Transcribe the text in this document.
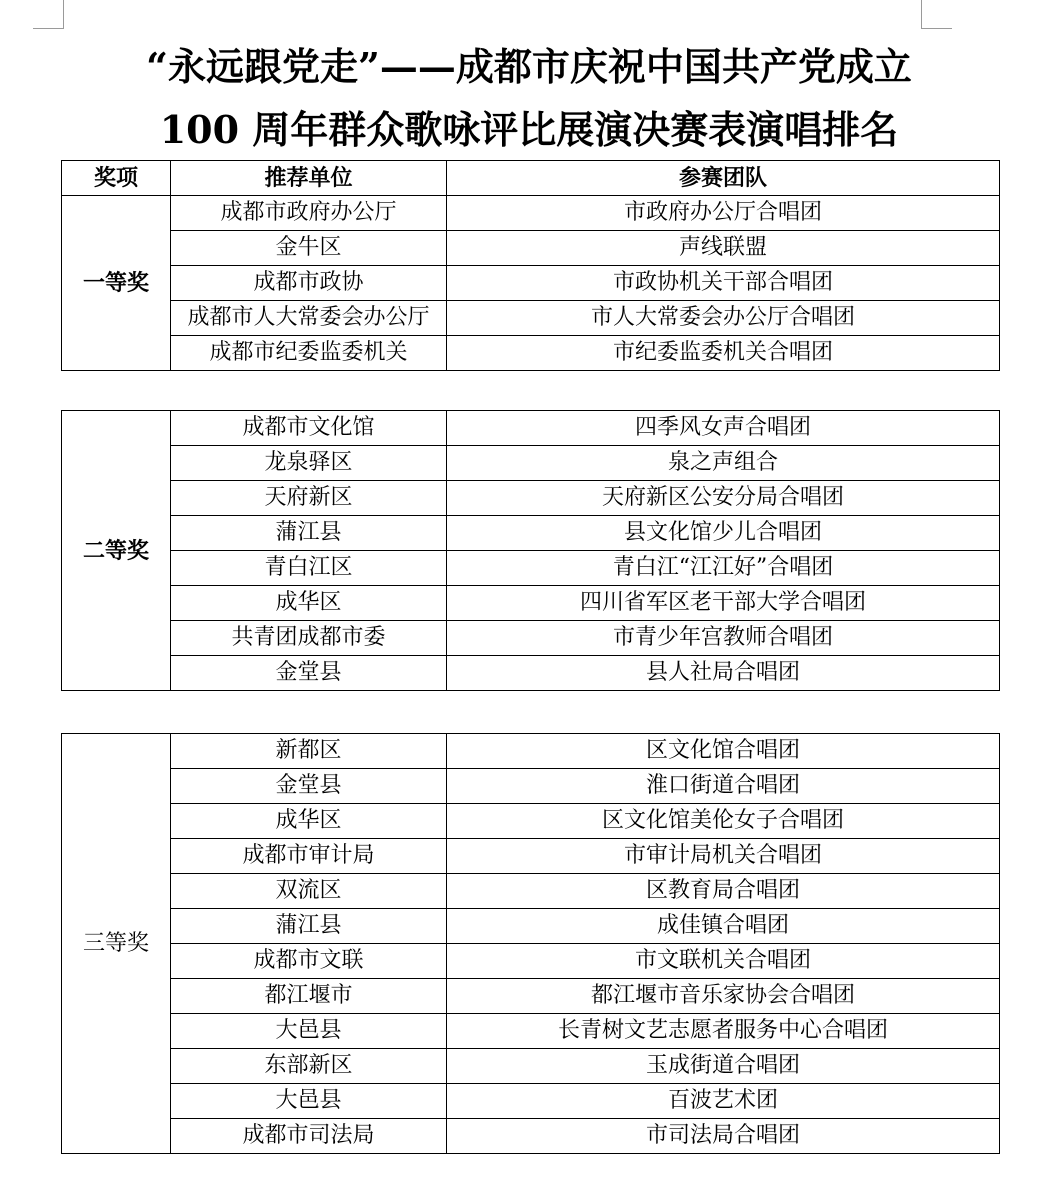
“永远跟党走”——成都市庆祝中国共产党成立
100 周年群众歌咏评比展演决赛表演唱排名
奖项	推荐单位	参赛团队
一等奖	成都市政府办公厅	市政府办公厅合唱团
	金牛区	声线联盟
	成都市政协	市政协机关干部合唱团
	成都市人大常委会办公厅	市人大常委会办公厅合唱团
	成都市纪委监委机关	市纪委监委机关合唱团
二等奖	成都市文化馆	四季风女声合唱团
	龙泉驿区	泉之声组合
	天府新区	天府新区公安分局合唱团
	蒲江县	县文化馆少儿合唱团
	青白江区	青白江“江江好”合唱团
	成华区	四川省军区老干部大学合唱团
	共青团成都市委	市青少年宫教师合唱团
	金堂县	县人社局合唱团
三等奖	新都区	区文化馆合唱团
	金堂县	淮口街道合唱团
	成华区	区文化馆美伦女子合唱团
	成都市审计局	市审计局机关合唱团
	双流区	区教育局合唱团
	蒲江县	成佳镇合唱团
	成都市文联	市文联机关合唱团
	都江堰市	都江堰市音乐家协会合唱团
	大邑县	长青树文艺志愿者服务中心合唱团
	东部新区	玉成街道合唱团
	大邑县	百波艺术团
	成都市司法局	市司法局合唱团
